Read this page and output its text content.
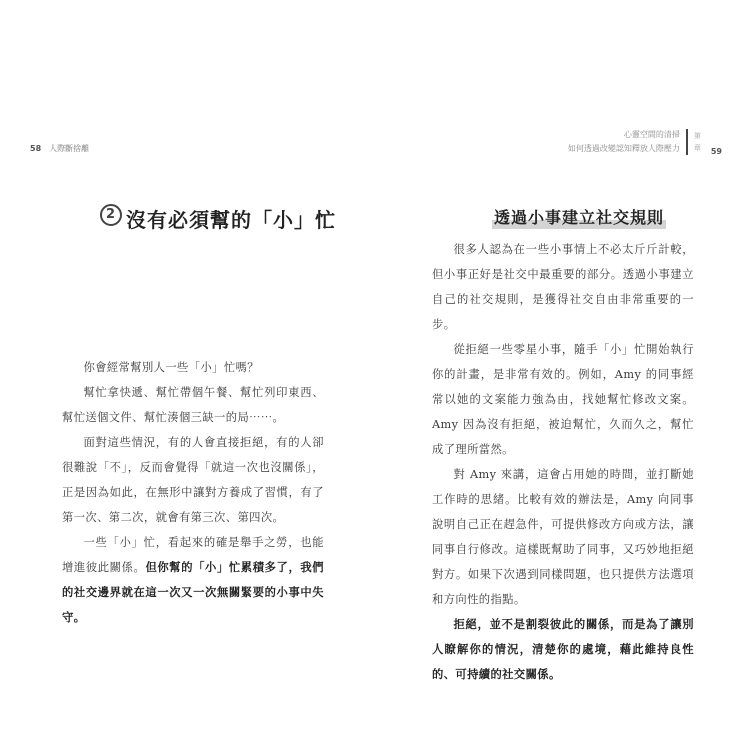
58 人際斷捨離
2 沒有必須幫的「小」忙

你會經常幫別人一些「小」忙嗎？

幫忙拿快遞、幫忙帶個午餐、幫忙列印東西、幫忙送個文件、幫忙湊個三缺一的局⋯⋯。

面對這些情況，有的人會直接拒絕，有的人卻很難說「不」，反而會覺得「就這一次也沒關係」，正是因為如此，在無形中讓對方養成了習慣，有了第一次、第二次，就會有第三次、第四次。

一些「小」忙，看起來的確是舉手之勞，也能增進彼此關係。但你幫的「小」忙累積多了，我們的社交邊界就在這一次又一次無關緊要的小事中失守。

心靈空間的清掃
如何透過改變認知釋放人際壓力
第
章 59
透過小事建立社交規則

很多人認為在一些小事情上不必太斤斤計較，但小事正好是社交中最重要的部分。透過小事建立自己的社交規則，是獲得社交自由非常重要的一步。

從拒絕一些零星小事，隨手「小」忙開始執行你的計畫，是非常有效的。例如，Amy 的同事經常以她的文案能力強為由，找她幫忙修改文案。Amy 因為沒有拒絕，被迫幫忙，久而久之，幫忙成了理所當然。

對 Amy 來講，這會占用她的時間，並打斷她工作時的思緒。比較有效的辦法是，Amy 向同事說明自己正在趕急件，可提供修改方向或方法，讓同事自行修改。這樣既幫助了同事，又巧妙地拒絕對方。如果下次遇到同樣問題，也只提供方法選項和方向性的指點。

拒絕，並不是割裂彼此的關係，而是為了讓別人瞭解你的情況，清楚你的處境，藉此維持良性的、可持續的社交關係。
